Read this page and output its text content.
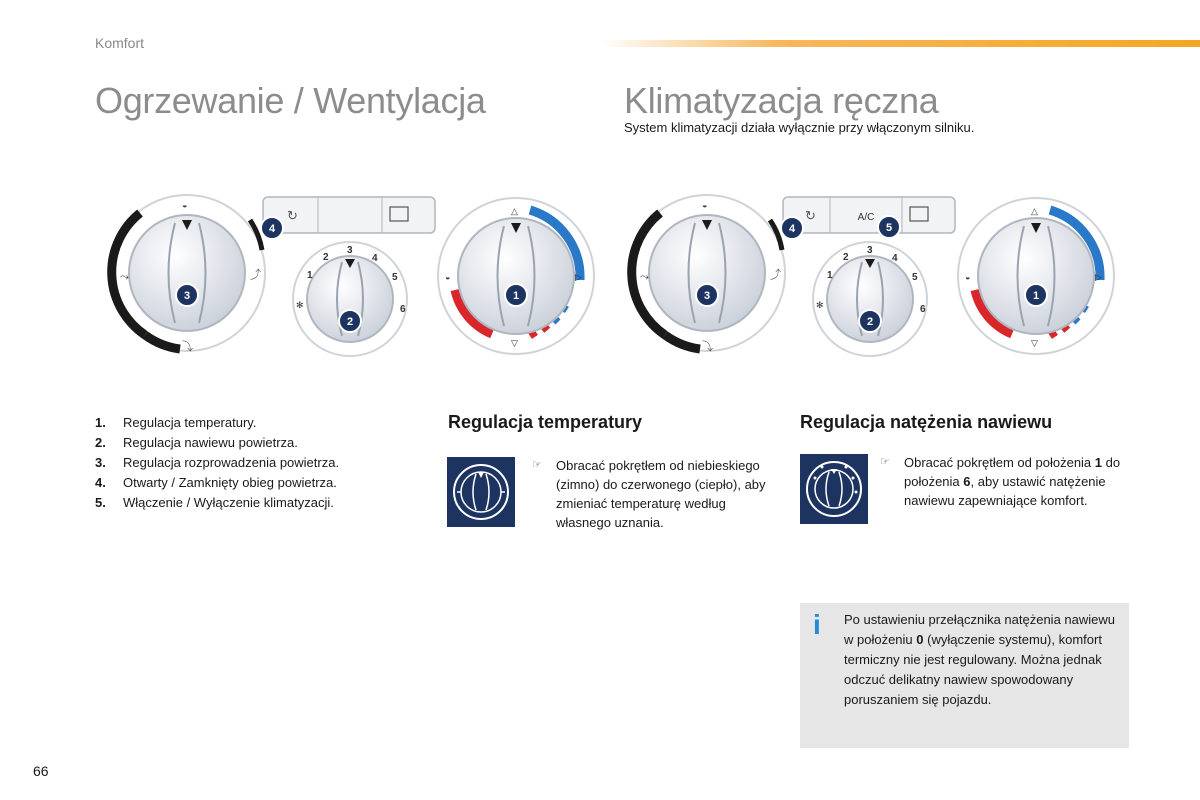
Komfort
Ogrzewanie / Wentylacja	Klimatyzacja ręczna
System klimatyzacji działa wyłącznie przy włączonym silniku.
⤳
◒
⤴
⤵
3
↻
4
✻
1
2
3
4
5
6
2
◒
△
▷
▽
1
⤳
◒
⤴
⤵
3
↻	A/C
4	5
✻
1
2
3
4
5
6
2
◒
△
▷
▽
1
1.	Regulacja temperatury.
2.	Regulacja nawiewu powietrza.
3.	Regulacja rozprowadzenia powietrza.
4.	Otwarty / Zamknięty obieg powietrza.
5.	Włączenie / Wyłączenie klimatyzacji.
Regulacja temperatury
☞ Obracać pokrętłem od niebieskiego (zimno) do czerwonego (ciepło), aby zmieniać temperaturę według własnego uznania.
Regulacja natężenia nawiewu
☞ Obracać pokrętłem od położenia 1 do położenia 6, aby ustawić natężenie nawiewu zapewniające komfort.
i Po ustawieniu przełącznika natężenia nawiewu w położeniu 0 (wyłączenie systemu), komfort termiczny nie jest regulowany. Można jednak odczuć delikatny nawiew spowodowany poruszaniem się pojazdu.
66
